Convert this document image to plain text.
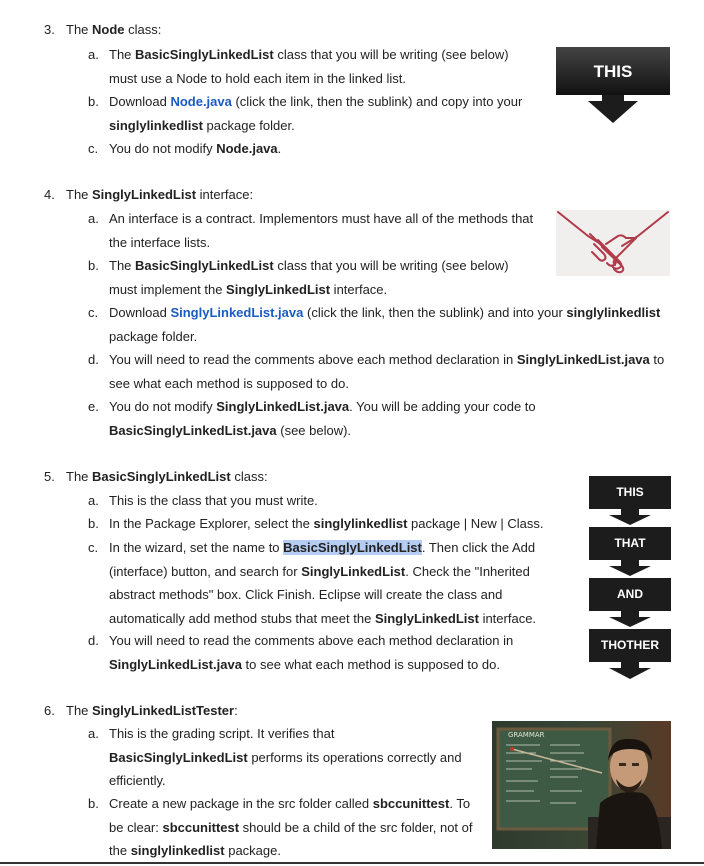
3. The Node class:
a. The BasicSinglyLinkedList class that you will be writing (see below) must use a Node to hold each item in the linked list.
b. Download Node.java (click the link, then the sublink) and copy into your singlylinkedlist package folder.
c. You do not modify Node.java.
THIS
4. The SinglyLinkedList interface:
a. An interface is a contract. Implementors must have all of the methods that the interface lists.
b. The BasicSinglyLinkedList class that you will be writing (see below) must implement the SinglyLinkedList interface.
c. Download SinglyLinkedList.java (click the link, then the sublink) and into your singlylinkedlist package folder.
d. You will need to read the comments above each method declaration in SinglyLinkedList.java to see what each method is supposed to do.
e. You do not modify SinglyLinkedList.java. You will be adding your code to
BasicSinglyLinkedList.java (see below).
5. The BasicSinglyLinkedList class:
a. This is the class that you must write.
b. In the Package Explorer, select the singlylinkedlist package | New | Class.
c. In the wizard, set the name to BasicSinglyLinkedList. Then click the Add (interface) button, and search for SinglyLinkedList. Check the "Inherited abstract methods" box. Click Finish. Eclipse will create the class and automatically add method stubs that meet the SinglyLinkedList interface.
d. You will need to read the comments above each method declaration in SinglyLinkedList.java to see what each method is supposed to do.
THIS
THAT
AND
THOTHER
6. The SinglyLinkedListTester:
a. This is the grading script. It verifies that BasicSinglyLinkedList performs its operations correctly and efficiently.
b. Create a new package in the src folder called sbccunittest. To be clear: sbccunittest should be a child of the src folder, not of the singlylinkedlist package.
GRAMMAR
